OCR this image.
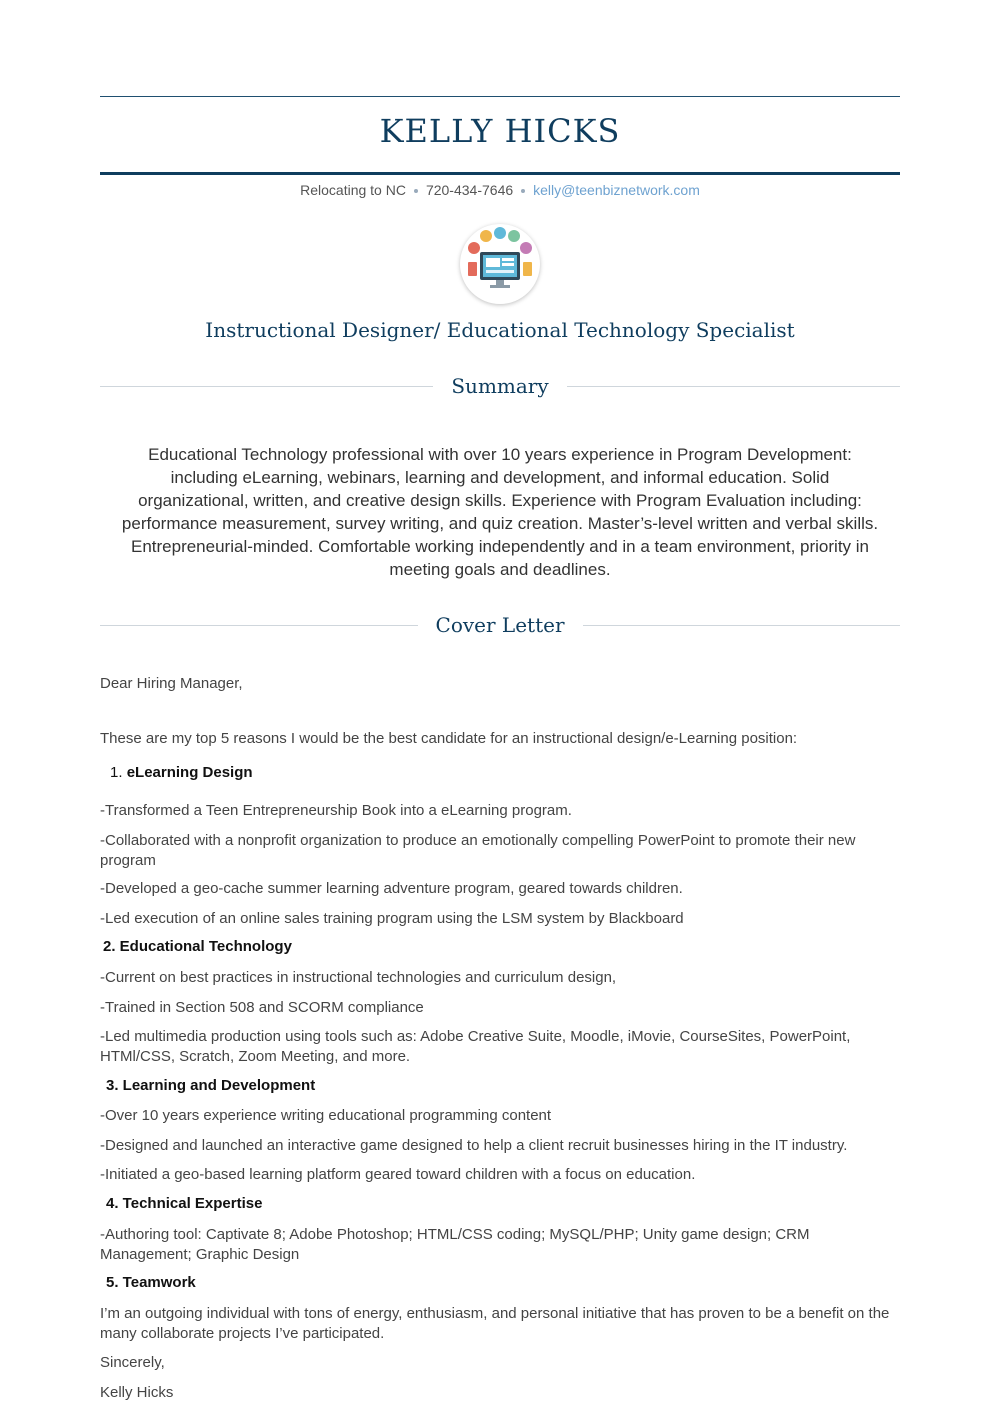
KELLY HICKS
Relocating to NC 720-434-7646 kelly@teenbiznetwork.com
Instructional Designer/ Educational Technology Specialist
Summary
Educational Technology professional with over 10 years experience in Program Development: including eLearning, webinars, learning and development, and informal education. Solid organizational, written, and creative design skills. Experience with Program Evaluation including: performance measurement, survey writing, and quiz creation. Master’s-level written and verbal skills. Entrepreneurial-minded. Comfortable working independently and in a team environment, priority in meeting goals and deadlines.
Cover Letter
Dear Hiring Manager,
These are my top 5 reasons I would be the best candidate for an instructional design/e-Learning position:
1. eLearning Design
-Transformed a Teen Entrepreneurship Book into a eLearning program.
-Collaborated with a nonprofit organization to produce an emotionally compelling PowerPoint to promote their new program
-Developed a geo-cache summer learning adventure program, geared towards children.
-Led execution of an online sales training program using the LSM system by Blackboard
2. Educational Technology
-Current on best practices in instructional technologies and curriculum design,
-Trained in Section 508 and SCORM compliance
-Led multimedia production using tools such as: Adobe Creative Suite, Moodle, iMovie, CourseSites, PowerPoint, HTMl/CSS, Scratch, Zoom Meeting, and more.
3. Learning and Development
-Over 10 years experience writing educational programming content
-Designed and launched an interactive game designed to help a client recruit businesses hiring in the IT industry.
-Initiated a geo-based learning platform geared toward children with a focus on education.
4. Technical Expertise
-Authoring tool: Captivate 8; Adobe Photoshop; HTML/CSS coding; MySQL/PHP; Unity game design; CRM Management; Graphic Design
5. Teamwork
I’m an outgoing individual with tons of energy, enthusiasm, and personal initiative that has proven to be a benefit on the many collaborate projects I’ve participated.
Sincerely,
Kelly Hicks
